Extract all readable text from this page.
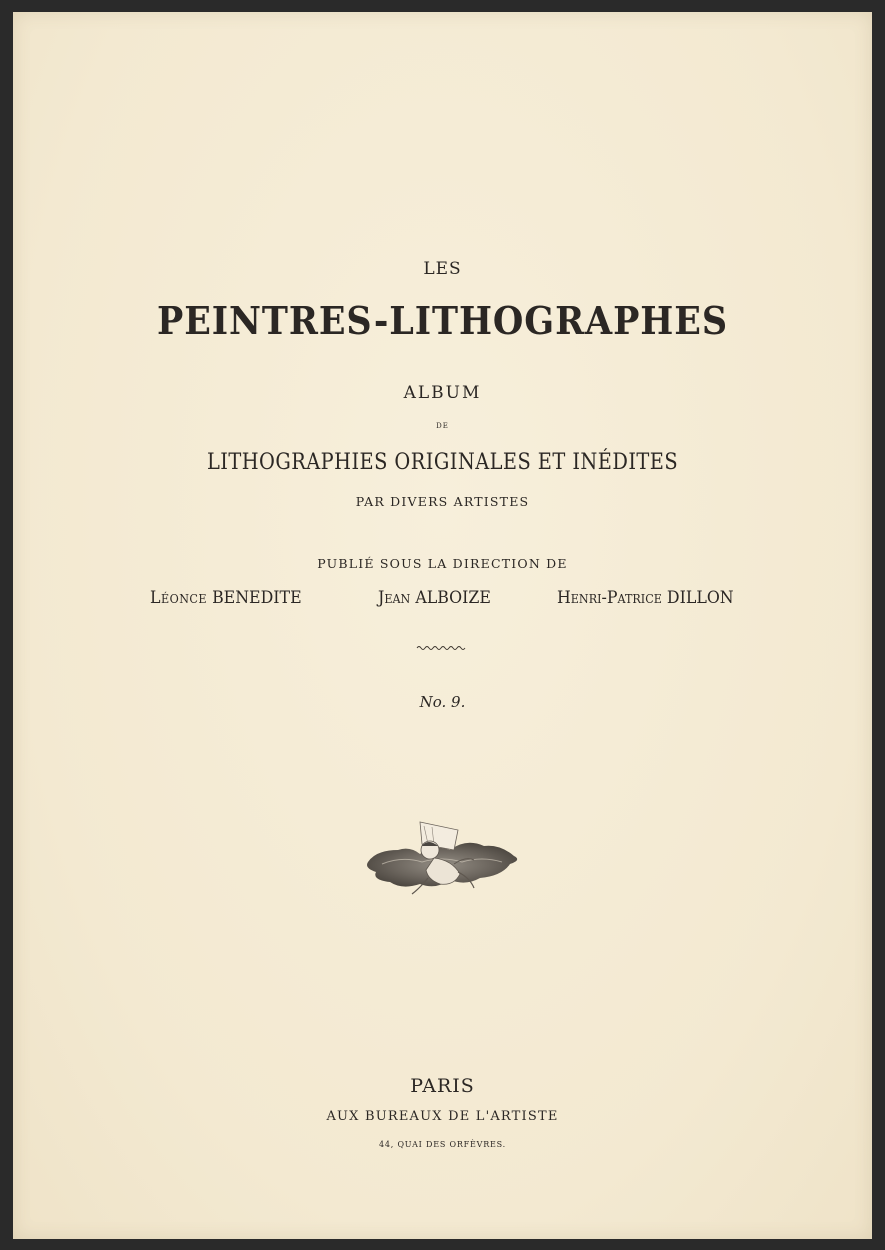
LES
PEINTRES-LITHOGRAPHES
ALBUM
DE
LITHOGRAPHIES ORIGINALES ET INÉDITES
PAR DIVERS ARTISTES
PUBLIÉ SOUS LA DIRECTION DE
Léonce BENEDITE	Jean ALBOIZE	Henri-Patrice DILLON
No. 9.
PARIS
AUX BUREAUX DE L'ARTISTE
44, QUAI DES ORFÈVRES.
